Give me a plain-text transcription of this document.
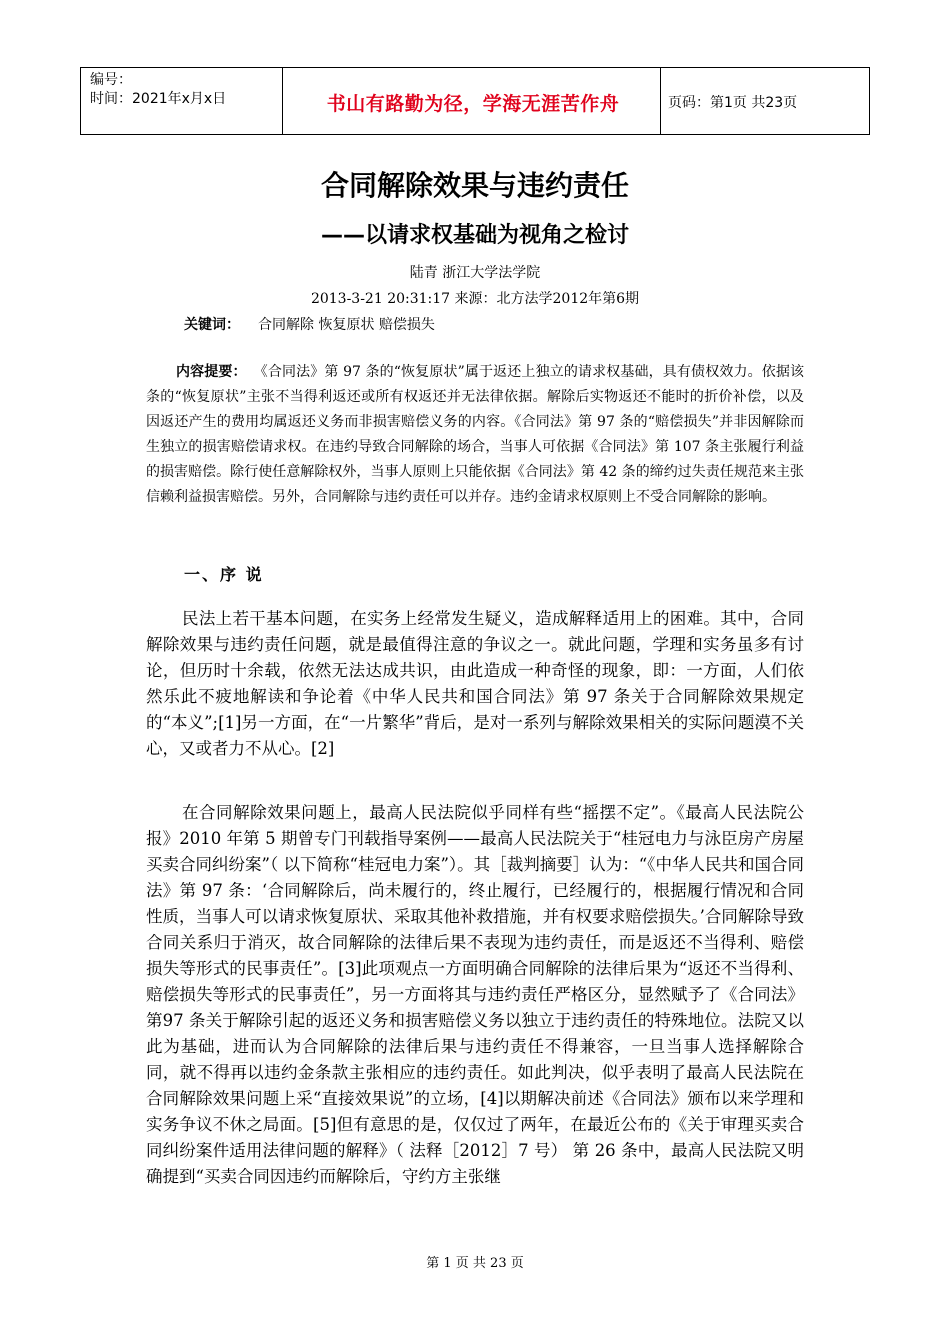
编号：
时间：2021年x月x日	书山有路勤为径，学海无涯苦作舟	页码：第1页 共23页
合同解除效果与违约责任
——以请求权基础为视角之检讨
陆青 浙江大学法学院
2013-3-21 20:31:17 来源：北方法学2012年第6期
关键词： 合同解除 恢复原状 赔偿损失

内容提要： 《合同法》第 97 条的“恢复原状”属于返还上独立的请求权基础，具有债权效力。依据该条的“恢复原状”主张不当得利返还或所有权返还并无法律依据。解除后实物返还不能时的折价补偿，以及因返还产生的费用均属返还义务而非损害赔偿义务的内容。《合同法》第 97 条的“赔偿损失”并非因解除而生独立的损害赔偿请求权。在违约导致合同解除的场合，当事人可依据《合同法》第 107 条主张履行利益的损害赔偿。除行使任意解除权外，当事人原则上只能依据《合同法》第 42 条的缔约过失责任规范来主张信赖利益损害赔偿。另外，合同解除与违约责任可以并存。违约金请求权原则上不受合同解除的影响。

一、序 说

民法上若干基本问题，在实务上经常发生疑义，造成解释适用上的困难。其中，合同解除效果与违约责任问题，就是最值得注意的争议之一。就此问题，学理和实务虽多有讨论，但历时十余载，依然无法达成共识，由此造成一种奇怪的现象，即：一方面，人们依然乐此不疲地解读和争论着《中华人民共和国合同法》第 97 条关于合同解除效果规定的“本义”;[1]另一方面，在“一片繁华”背后，是对一系列与解除效果相关的实际问题漠不关心，又或者力不从心。[2]

在合同解除效果问题上，最高人民法院似乎同样有些“摇摆不定”。《最高人民法院公报》2010 年第 5 期曾专门刊载指导案例——最高人民法院关于“桂冠电力与泳臣房产房屋买卖合同纠纷案”（ 以下简称“桂冠电力案”）。其［裁判摘要］认为：“《中华人民共和国合同法》第 97 条：‘合同解除后，尚未履行的，终止履行，已经履行的，根据履行情况和合同性质，当事人可以请求恢复原状、采取其他补救措施，并有权要求赔偿损失。’合同解除导致合同关系归于消灭，故合同解除的法律后果不表现为违约责任，而是返还不当得利、赔偿损失等形式的民事责任”。[3]此项观点一方面明确合同解除的法律后果为“返还不当得利、赔偿损失等形式的民事责任”，另一方面将其与违约责任严格区分，显然赋予了《合同法》第97 条关于解除引起的返还义务和损害赔偿义务以独立于违约责任的特殊地位。法院又以此为基础，进而认为合同解除的法律后果与违约责任不得兼容，一旦当事人选择解除合同，就不得再以违约金条款主张相应的违约责任。如此判决，似乎表明了最高人民法院在合同解除效果问题上采“直接效果说”的立场，[4]以期解决前述《合同法》颁布以来学理和实务争议不休之局面。[5]但有意思的是，仅仅过了两年，在最近公布的《关于审理买卖合同纠纷案件适用法律问题的解释》（ 法释［2012］7 号） 第 26 条中，最高人民法院又明确提到“买卖合同因违约而解除后，守约方主张继

第 1 页 共 23 页
